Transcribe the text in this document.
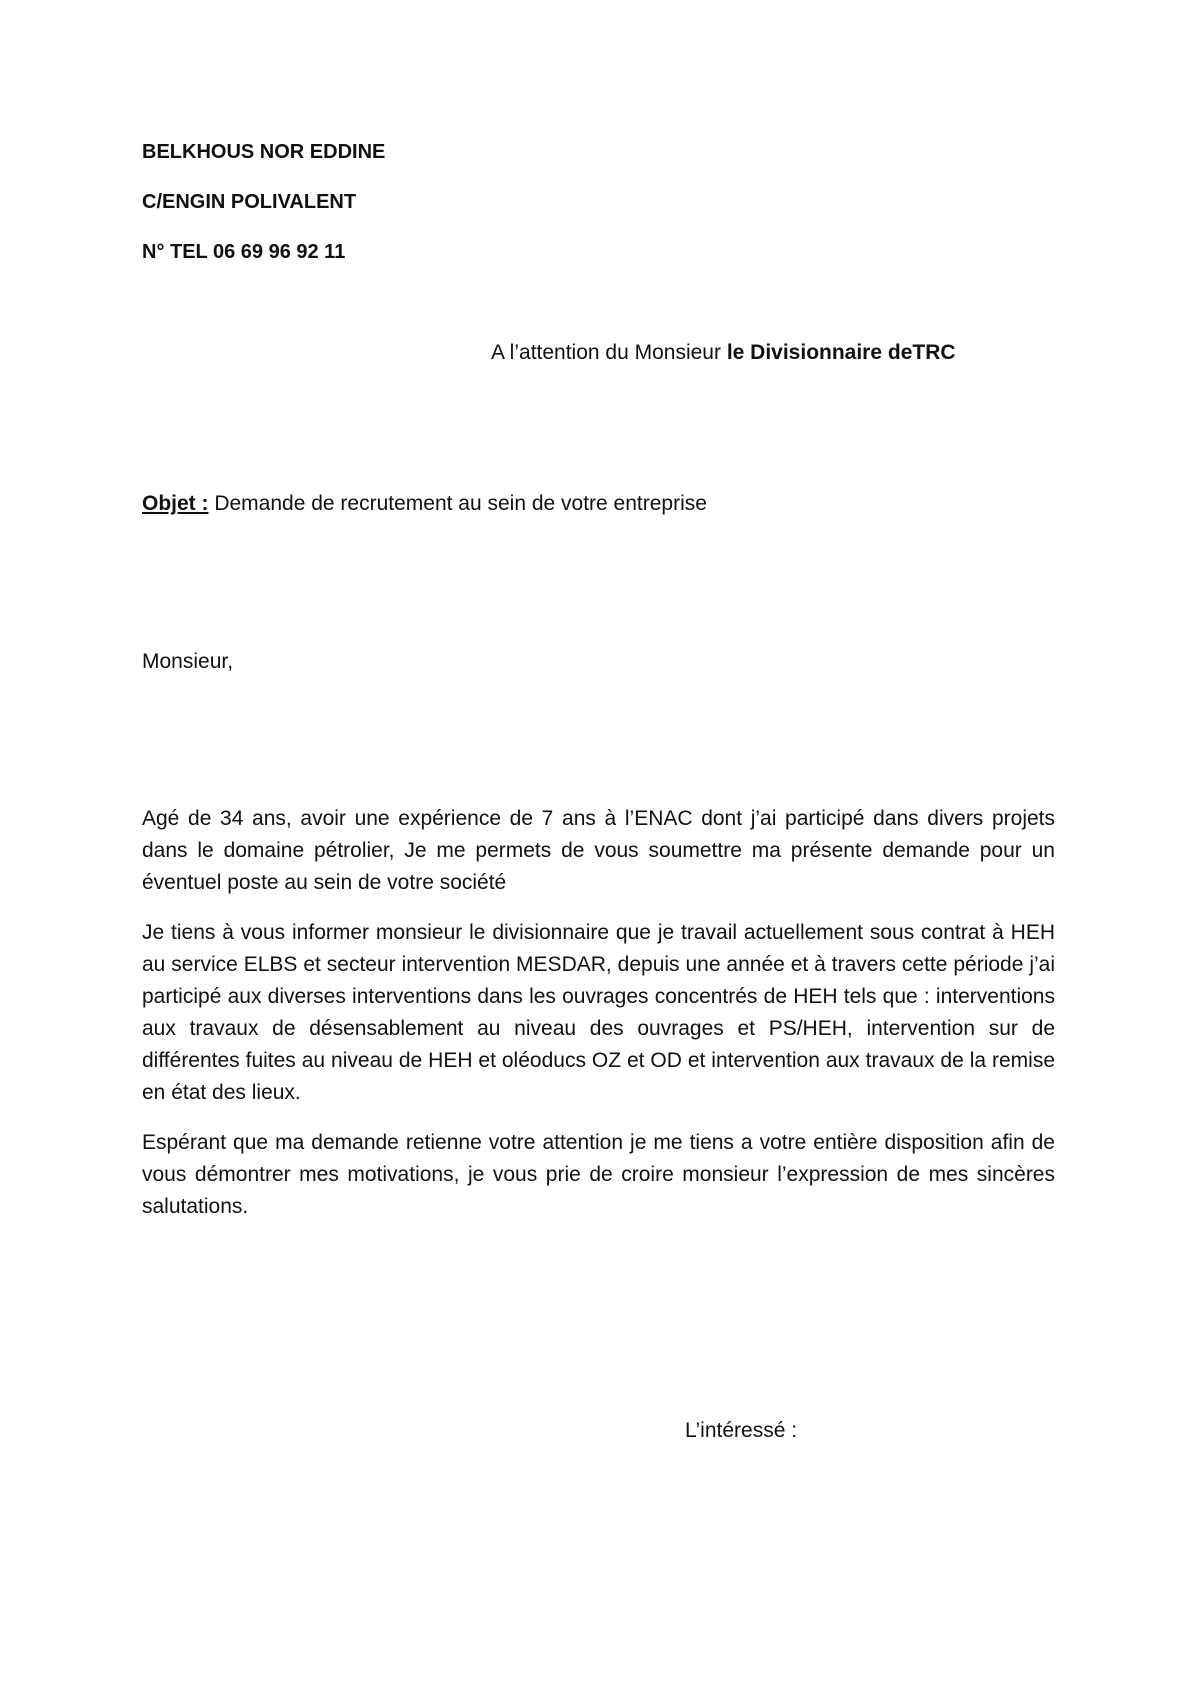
BELKHOUS NOR EDDINE
C/ENGIN POLIVALENT
N° TEL 06 69 96 92 11
A l’attention du Monsieur le Divisionnaire deTRC
Objet : Demande de recrutement au sein de votre entreprise
Monsieur,

Agé de 34 ans, avoir une expérience de 7 ans à l’ENAC dont j’ai participé dans divers projets dans le domaine pétrolier, Je me permets de vous soumettre ma présente demande pour un éventuel poste au sein de votre société

Je tiens à vous informer monsieur le divisionnaire que je travail actuellement sous contrat à HEH au service ELBS et secteur intervention MESDAR, depuis une année et à travers cette période j’ai participé aux diverses interventions dans les ouvrages concentrés de HEH tels que : interventions aux travaux de désensablement au niveau des ouvrages et PS/HEH, intervention sur de différentes fuites au niveau de HEH et oléoducs OZ et OD et intervention aux travaux de la remise en état des lieux.

Espérant que ma demande retienne votre attention je me tiens a votre entière disposition afin de vous démontrer mes motivations, je vous prie de croire monsieur l’expression de mes sincères salutations.

L’intéressé :
